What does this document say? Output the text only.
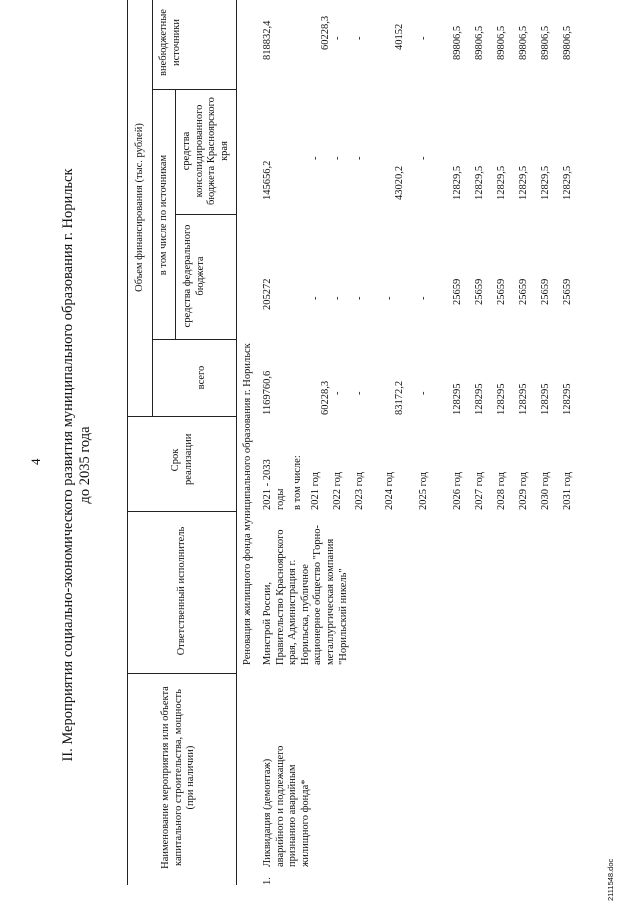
4 II. Мероприятия социально-экономического развития муниципального образования г. Норильск до 2035 года
Наименование мероприятия или объекта капитального строительства, мощность (при наличии)
Ответственный исполнитель
Срок реализации
Объем финансирования (тыс. рублей)
всего
в том числе по источникам
средства федерального бюджета
средства консолидированного бюджета Красноярского края
внебюджетные источники
Реновация жилищного фонда муниципального образования г. Норильск
1.
Ликвидация (демонтаж) аварийного и подлежащего признанию аварийным жилищного фонда*
Минстрой России, Правительство Красноярского края, Администрация г. Норильска, публичное акционерное общество "Горно-металлургическая компания "Норильский никель"
2021 - 2033 годы
1169760,6
205272
145656,2
818832,4
в том числе: 2021 год
60228,3
-
-
60228,3
2022 год
-
-
-
-
2023 год
-
-
-
-
2024 год
83172,2
-
43020,2
40152
2025 год
-
-
-
-
2026 год
128295
25659
12829,5
89806,5
2027 год
128295
25659
12829,5
89806,5
2028 год
128295
25659
12829,5
89806,5
2029 год
128295
25659
12829,5
89806,5
2030 год
128295
25659
12829,5
89806,5
2031 год
128295
25659
12829,5
89806,5
2111548.doc
